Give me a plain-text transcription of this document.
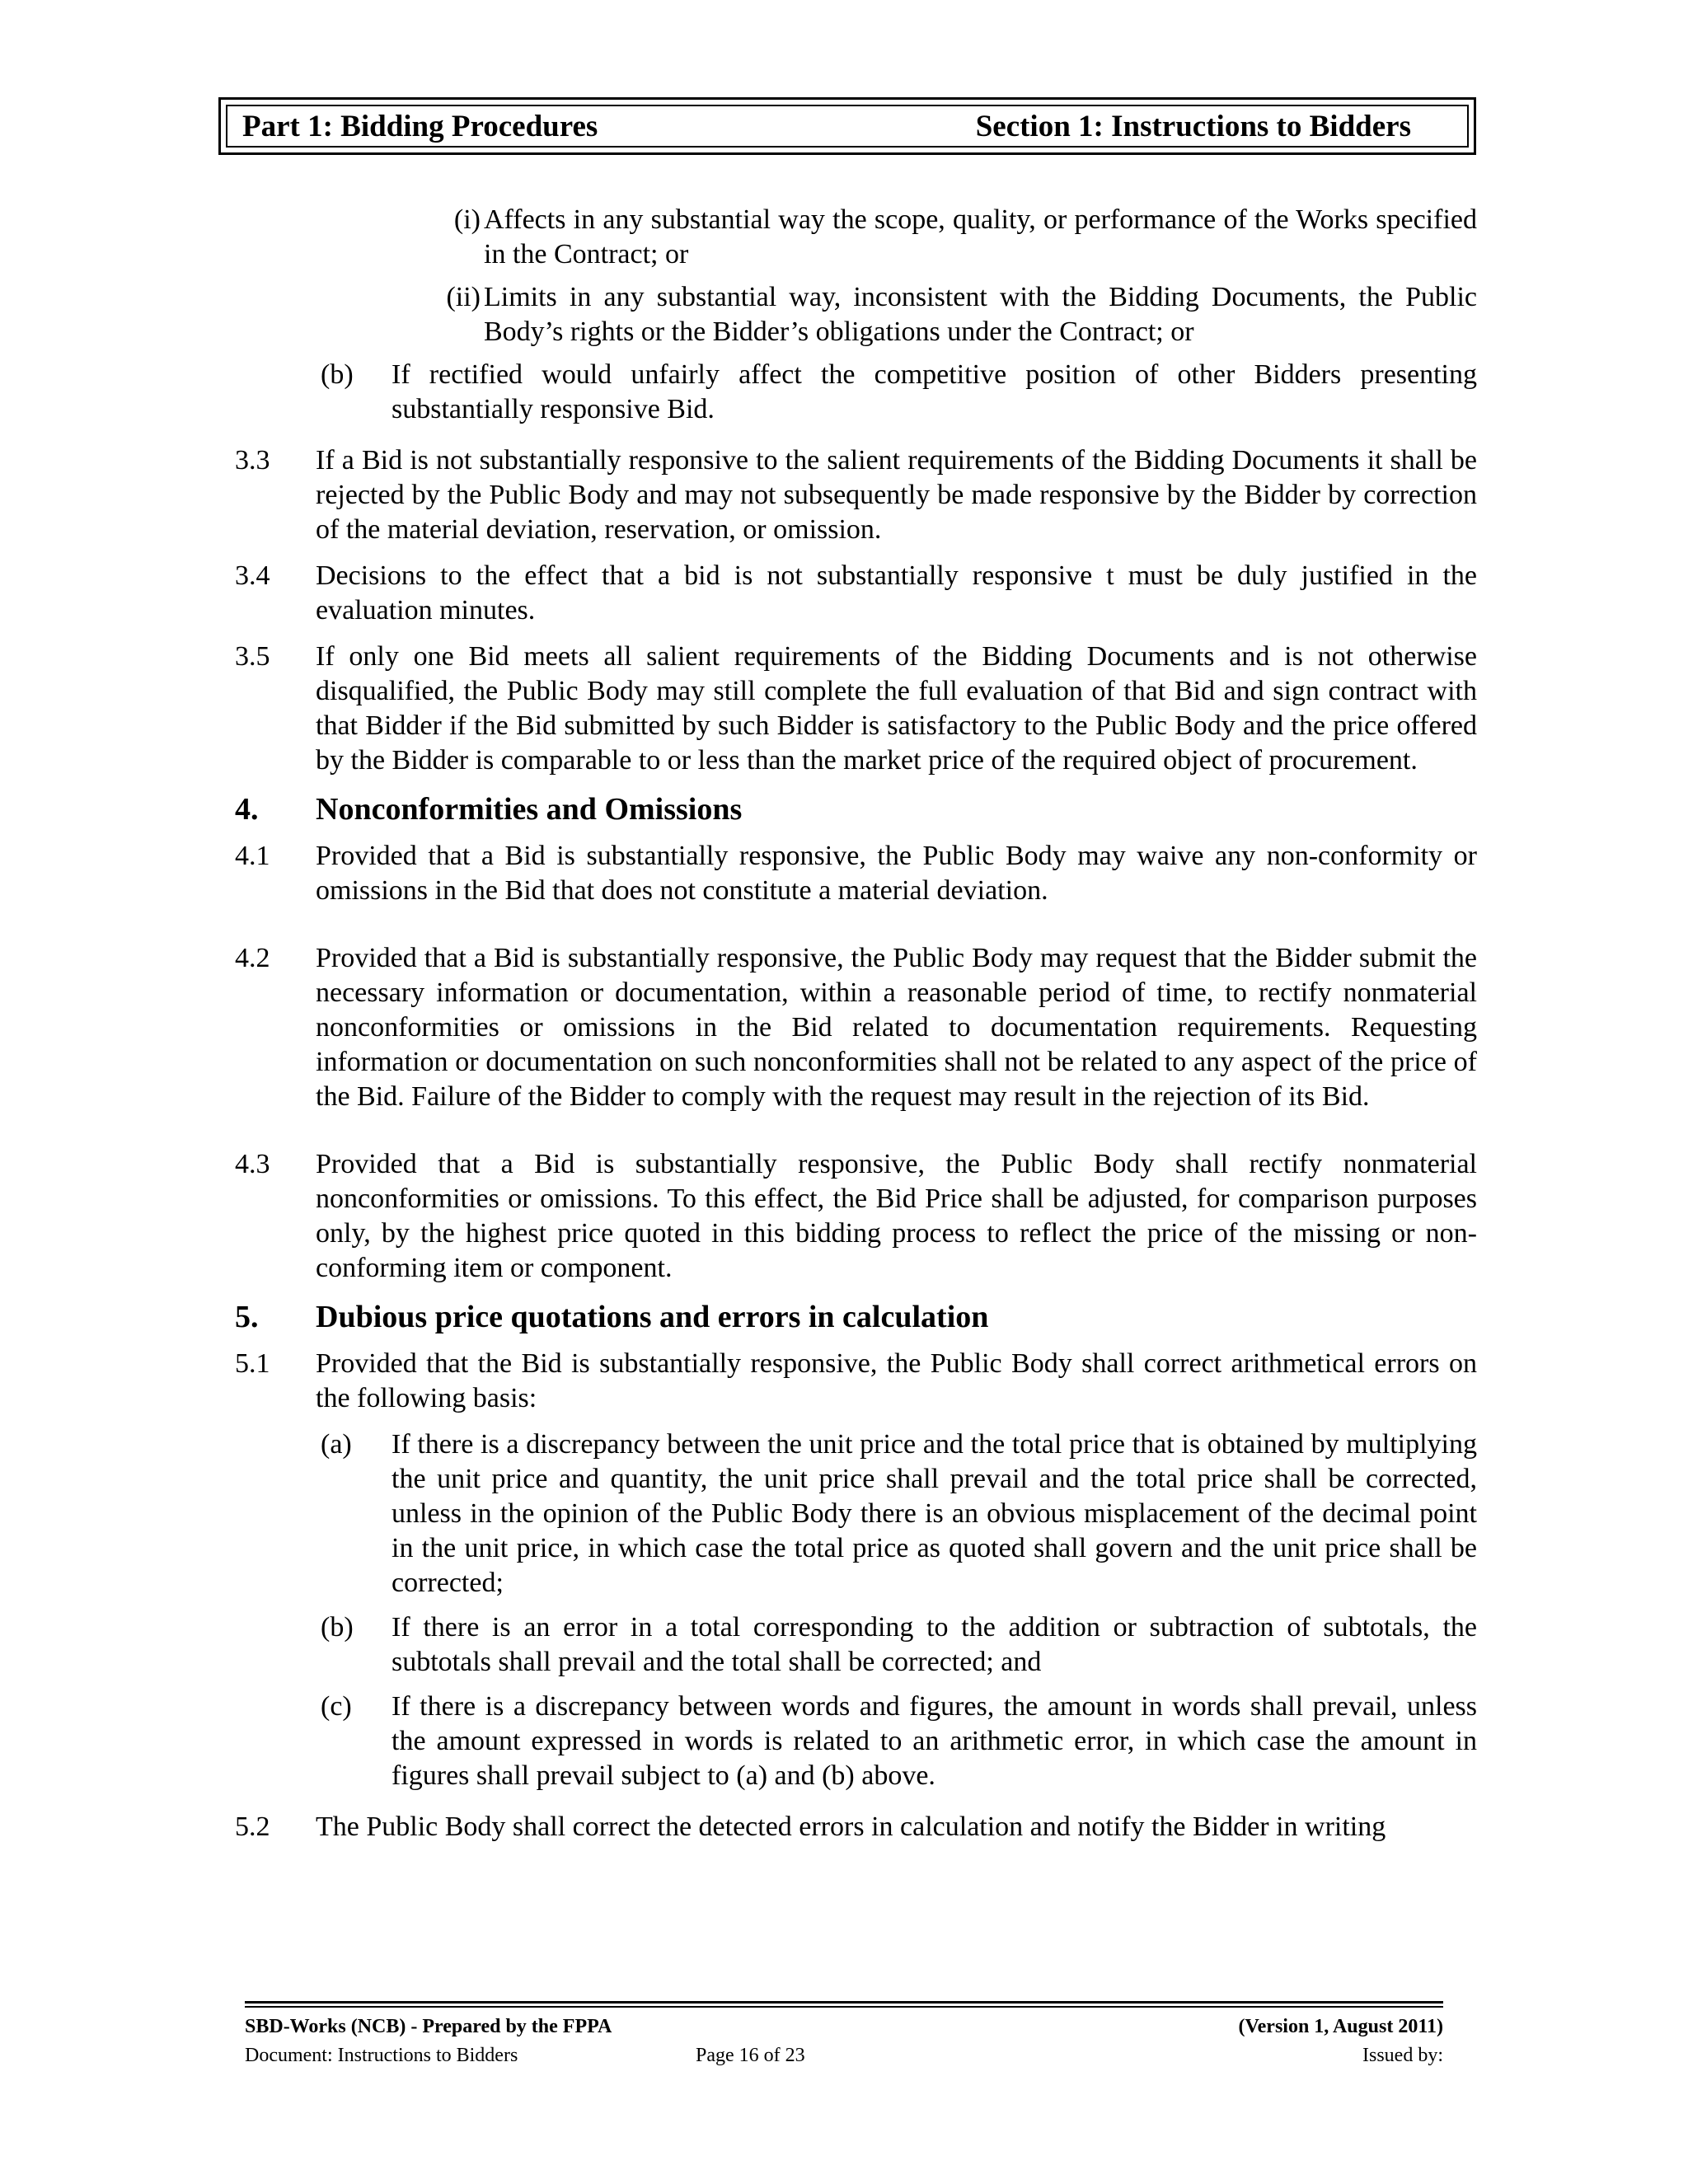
Part 1: Bidding Procedures	Section 1: Instructions to Bidders
(i) Affects in any substantial way the scope, quality, or performance of the Works specified in the Contract; or
(ii) Limits in any substantial way, inconsistent with the Bidding Documents, the Public Body’s rights or the Bidder’s obligations under the Contract; or
(b) If rectified would unfairly affect the competitive position of other Bidders presenting substantially responsive Bid.
3.3 If a Bid is not substantially responsive to the salient requirements of the Bidding Documents it shall be rejected by the Public Body and may not subsequently be made responsive by the Bidder by correction of the material deviation, reservation, or omission.
3.4 Decisions to the effect that a bid is not substantially responsive t must be duly justified in the evaluation minutes.
3.5 If only one Bid meets all salient requirements of the Bidding Documents and is not otherwise disqualified, the Public Body may still complete the full evaluation of that Bid and sign contract with that Bidder if the Bid submitted by such Bidder is satisfactory to the Public Body and the price offered by the Bidder is comparable to or less than the market price of the required object of procurement.
4. Nonconformities and Omissions
4.1 Provided that a Bid is substantially responsive, the Public Body may waive any non-conformity or omissions in the Bid that does not constitute a material deviation.
4.2 Provided that a Bid is substantially responsive, the Public Body may request that the Bidder submit the necessary information or documentation, within a reasonable period of time, to rectify nonmaterial nonconformities or omissions in the Bid related to documentation requirements. Requesting information or documentation on such nonconformities shall not be related to any aspect of the price of the Bid. Failure of the Bidder to comply with the request may result in the rejection of its Bid.
4.3 Provided that a Bid is substantially responsive, the Public Body shall rectify nonmaterial nonconformities or omissions. To this effect, the Bid Price shall be adjusted, for comparison purposes only, by the highest price quoted in this bidding process to reflect the price of the missing or non-conforming item or component.
5. Dubious price quotations and errors in calculation
5.1 Provided that the Bid is substantially responsive, the Public Body shall correct arithmetical errors on the following basis:
(a) If there is a discrepancy between the unit price and the total price that is obtained by multiplying the unit price and quantity, the unit price shall prevail and the total price shall be corrected, unless in the opinion of the Public Body there is an obvious misplacement of the decimal point in the unit price, in which case the total price as quoted shall govern and the unit price shall be corrected;
(b) If there is an error in a total corresponding to the addition or subtraction of subtotals, the subtotals shall prevail and the total shall be corrected; and
(c) If there is a discrepancy between words and figures, the amount in words shall prevail, unless the amount expressed in words is related to an arithmetic error, in which case the amount in figures shall prevail subject to (a) and (b) above.
5.2 The Public Body shall correct the detected errors in calculation and notify the Bidder in writing
SBD-Works (NCB) - Prepared by the FPPA	(Version 1, August 2011)
Document: Instructions to Bidders	Page 16 of 23	Issued by:
